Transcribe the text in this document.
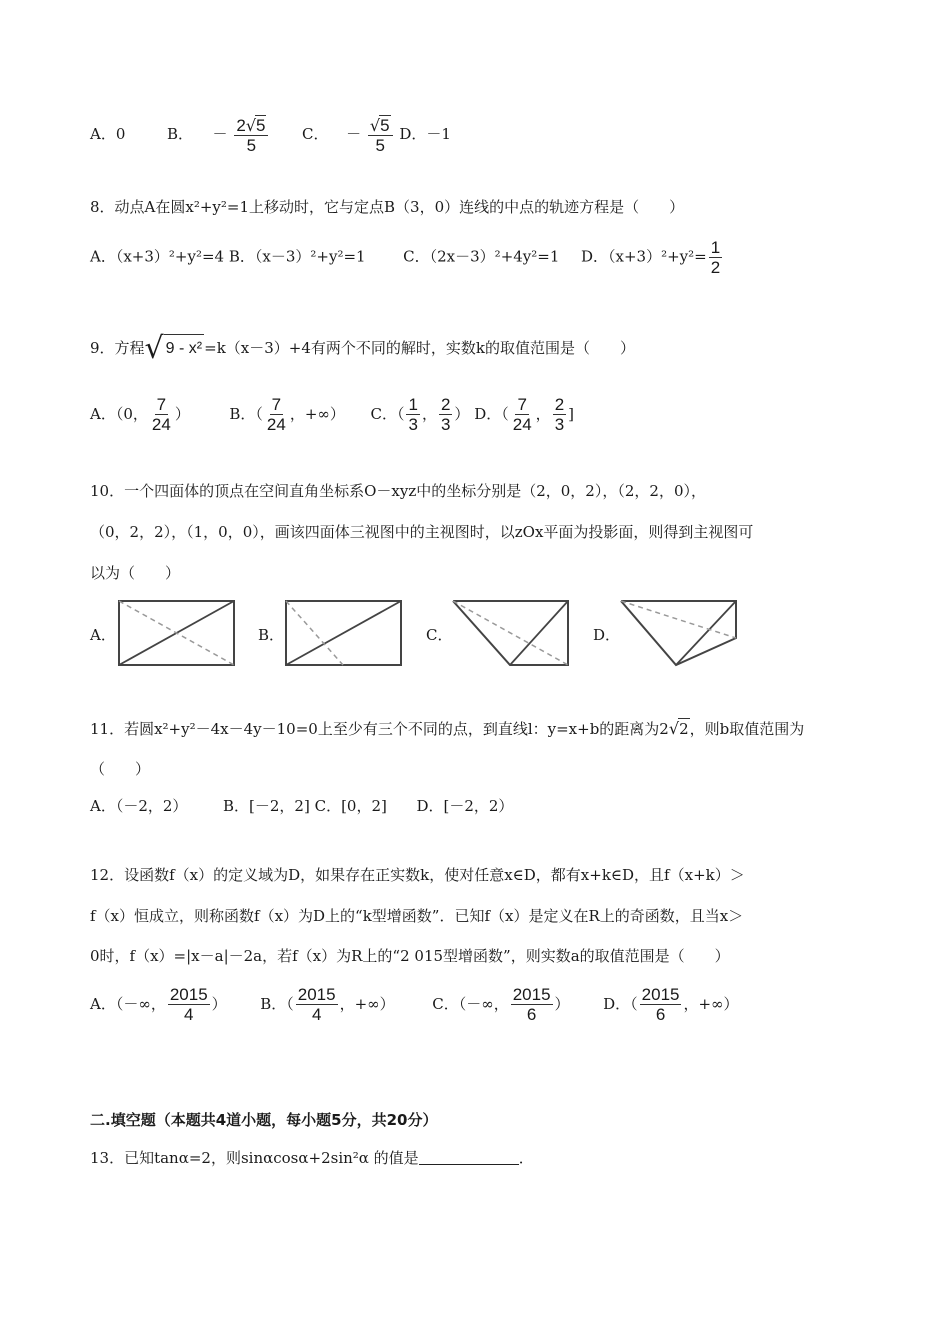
A．0	B． － $\frac{2√5}{5}$ C． － $\frac{√5}{5}$ D．－1
8．动点A在圆x²+y²=1上移动时，它与定点B（3，0）连线的中点的轨迹方程是（　　）
A．（x+3）²+y²=4 B．（x－3）²+y²=1	C．（2x－3）²+4y²=1 D．$(x+3)^2+y^2= \frac{1}{2}$
9．方程 √ 9 - x² =k（x－3）+4有两个不同的解时，实数k的取值范围是（　　）
A．（0， $\frac{7}{24}$ ）	B．（ $\frac{7}{24}$ ，+∞） C．（ $\frac{1}{3}$ ， $\frac{2}{3}$ ） D．（ $\frac{7}{24}$ ， $\frac{2}{3}$ ]
10．一个四面体的顶点在空间直角坐标系O－xyz中的坐标分别是（2，0，2），（2，2，0），
（0，2，2），（1，0，0），画该四面体三视图中的主视图时，以zOx平面为投影面，则得到主视图可
以为（　　）
A．	B．	C．	D．
11．若圆x²+y²－4x－4y－10=0上至少有三个不同的点，到直线l：y=x+b的距离为2√2，则b取值范围为
（　　）
A．（－2，2） B．[－2，2] C．[0，2] D．[－2，2）
12．设函数f（x）的定义域为D，如果存在正实数k，使对任意x∈D，都有x+k∈D，且f（x+k）＞
f（x）恒成立，则称函数f（x）为D上的“k型增函数”．已知f（x）是定义在R上的奇函数，且当x＞
0时，f（x）=|x－a|－2a，若f（x）为R上的“2 015型增函数”，则实数a的取值范围是（　　）
A．（－∞， $\frac{2015}{4}$ ） B．（ $\frac{2015}{4}$ ，+∞）	C．（－∞， $\frac{2015}{6}$ ） D．（ $\frac{2015}{6}$ ，+∞）
二.填空题（本题共4道小题，每小题5分，共20分）
13．已知tanα=2，则sinαcosα+2sin²α 的值是	．
